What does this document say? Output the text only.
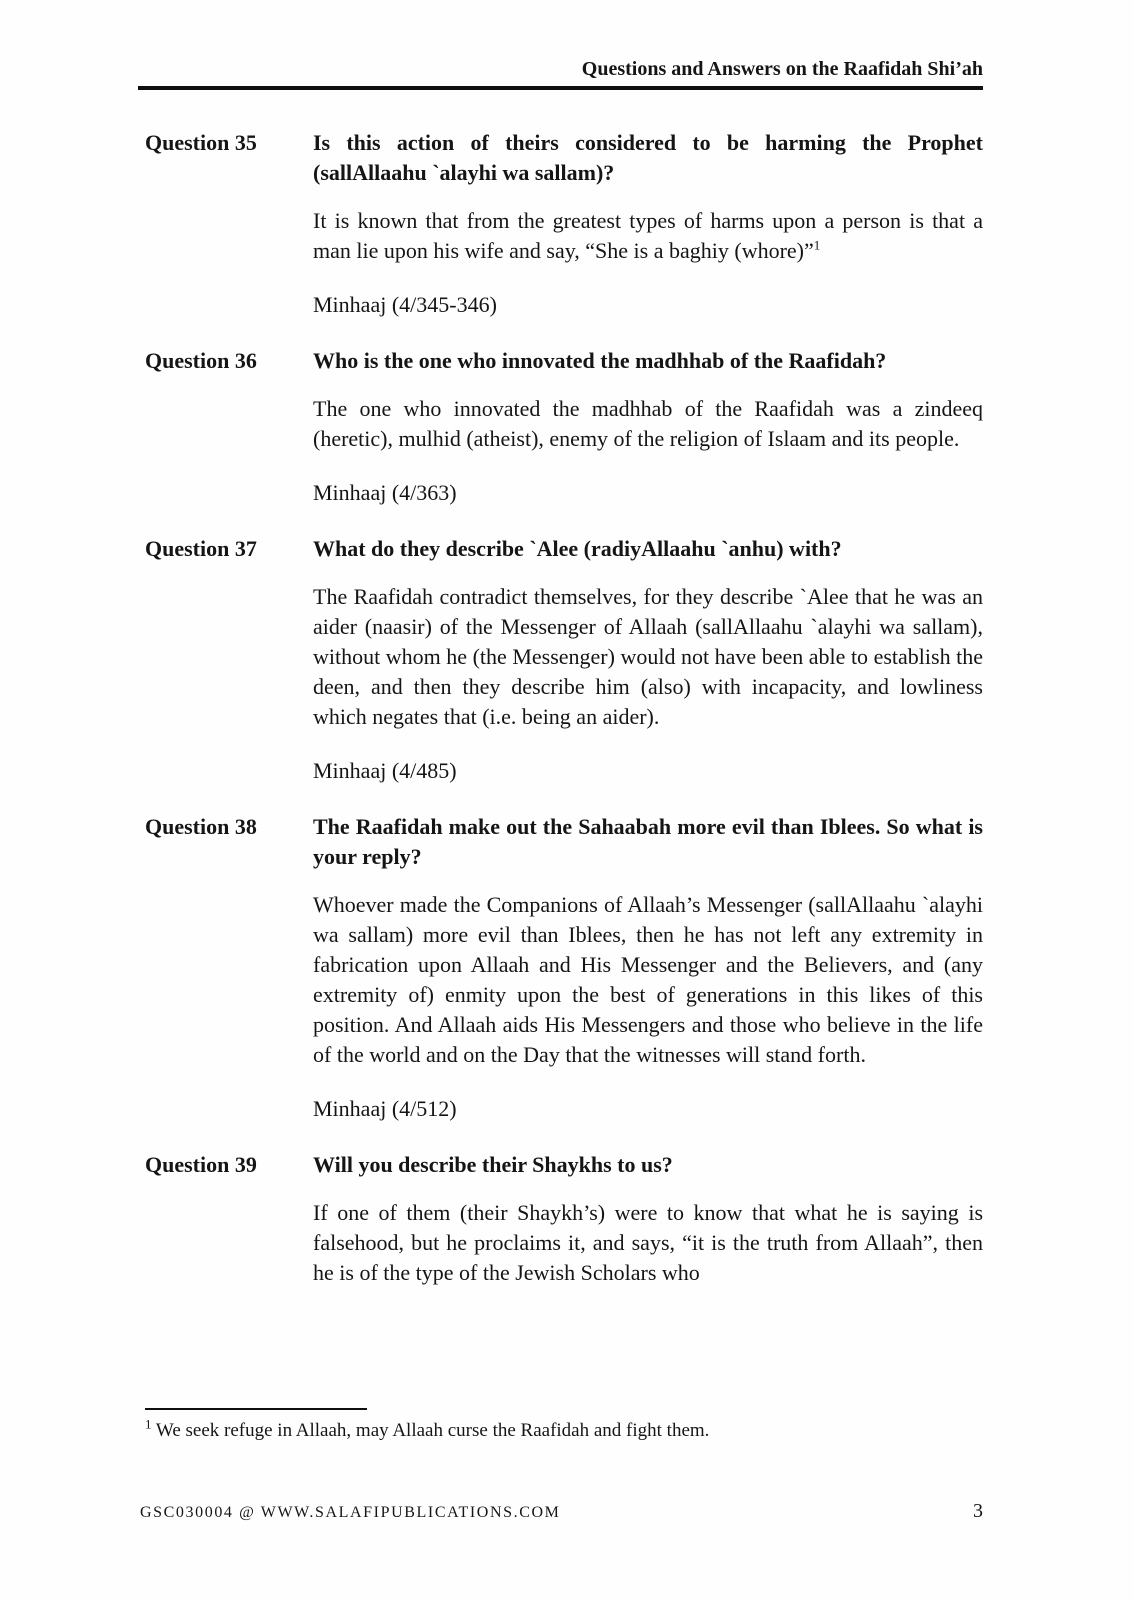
Questions and Answers on the Raafidah Shi’ah
Question 35	Is this action of theirs considered to be harming the Prophet (sallAllaahu `alayhi wa sallam)?
It is known that from the greatest types of harms upon a person is that a man lie upon his wife and say, “She is a baghiy (whore)”$^1$
Minhaaj (4/345-346)
Question 36	Who is the one who innovated the madhhab of the Raafidah?
The one who innovated the madhhab of the Raafidah was a zindeeq (heretic), mulhid (atheist), enemy of the religion of Islaam and its people.
Minhaaj (4/363)
Question 37	What do they describe `Alee (radiyAllaahu `anhu) with?
The Raafidah contradict themselves, for they describe `Alee that he was an aider (naasir) of the Messenger of Allaah (sallAllaahu `alayhi wa sallam), without whom he (the Messenger) would not have been able to establish the deen, and then they describe him (also) with incapacity, and lowliness which negates that (i.e. being an aider).
Minhaaj (4/485)
Question 38	The Raafidah make out the Sahaabah more evil than Iblees. So what is your reply?
Whoever made the Companions of Allaah’s Messenger (sallAllaahu `alayhi wa sallam) more evil than Iblees, then he has not left any extremity in fabrication upon Allaah and His Messenger and the Believers, and (any extremity of) enmity upon the best of generations in this likes of this position. And Allaah aids His Messengers and those who believe in the life of the world and on the Day that the witnesses will stand forth.
Minhaaj (4/512)
Question 39	Will you describe their Shaykhs to us?
If one of them (their Shaykh’s) were to know that what he is saying is falsehood, but he proclaims it, and says, “it is the truth from Allaah”, then he is of the type of the Jewish Scholars who
$^1$ We seek refuge in Allaah, may Allaah curse the Raafidah and fight them.
GSC030004 @ WWW.SALAFIPUBLICATIONS.COM	3
